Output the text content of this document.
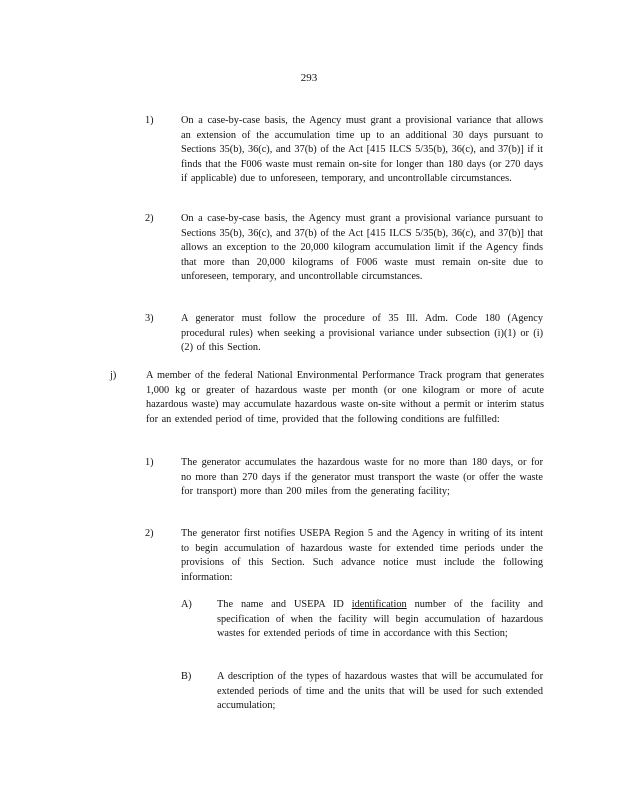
293
1)	On a case-by-case basis, the Agency must grant a provisional variance that allows an extension of the accumulation time up to an additional 30 days pursuant to Sections 35(b), 36(c), and 37(b) of the Act [415 ILCS 5/35(b), 36(c), and 37(b)] if it finds that the F006 waste must remain on-site for longer than 180 days (or 270 days if applicable) due to unforeseen, temporary, and uncontrollable circumstances.
2)	On a case-by-case basis, the Agency must grant a provisional variance pursuant to Sections 35(b), 36(c), and 37(b) of the Act [415 ILCS 5/35(b), 36(c), and 37(b)] that allows an exception to the 20,000 kilogram accumulation limit if the Agency finds that more than 20,000 kilograms of F006 waste must remain on-site due to unforeseen, temporary, and uncontrollable circumstances.
3)	A generator must follow the procedure of 35 Ill. Adm. Code 180 (Agency procedural rules) when seeking a provisional variance under subsection (i)(1) or (i)(2) of this Section.
j)	A member of the federal National Environmental Performance Track program that generates 1,000 kg or greater of hazardous waste per month (or one kilogram or more of acute hazardous waste) may accumulate hazardous waste on-site without a permit or interim status for an extended period of time, provided that the following conditions are fulfilled:
1)	The generator accumulates the hazardous waste for no more than 180 days, or for no more than 270 days if the generator must transport the waste (or offer the waste for transport) more than 200 miles from the generating facility;
2)	The generator first notifies USEPA Region 5 and the Agency in writing of its intent to begin accumulation of hazardous waste for extended time periods under the provisions of this Section. Such advance notice must include the following information:
A) The name and USEPA ID identification number of the facility and specification of when the facility will begin accumulation of hazardous wastes for extended periods of time in accordance with this Section;
B) A description of the types of hazardous wastes that will be accumulated for extended periods of time and the units that will be used for such extended accumulation;
